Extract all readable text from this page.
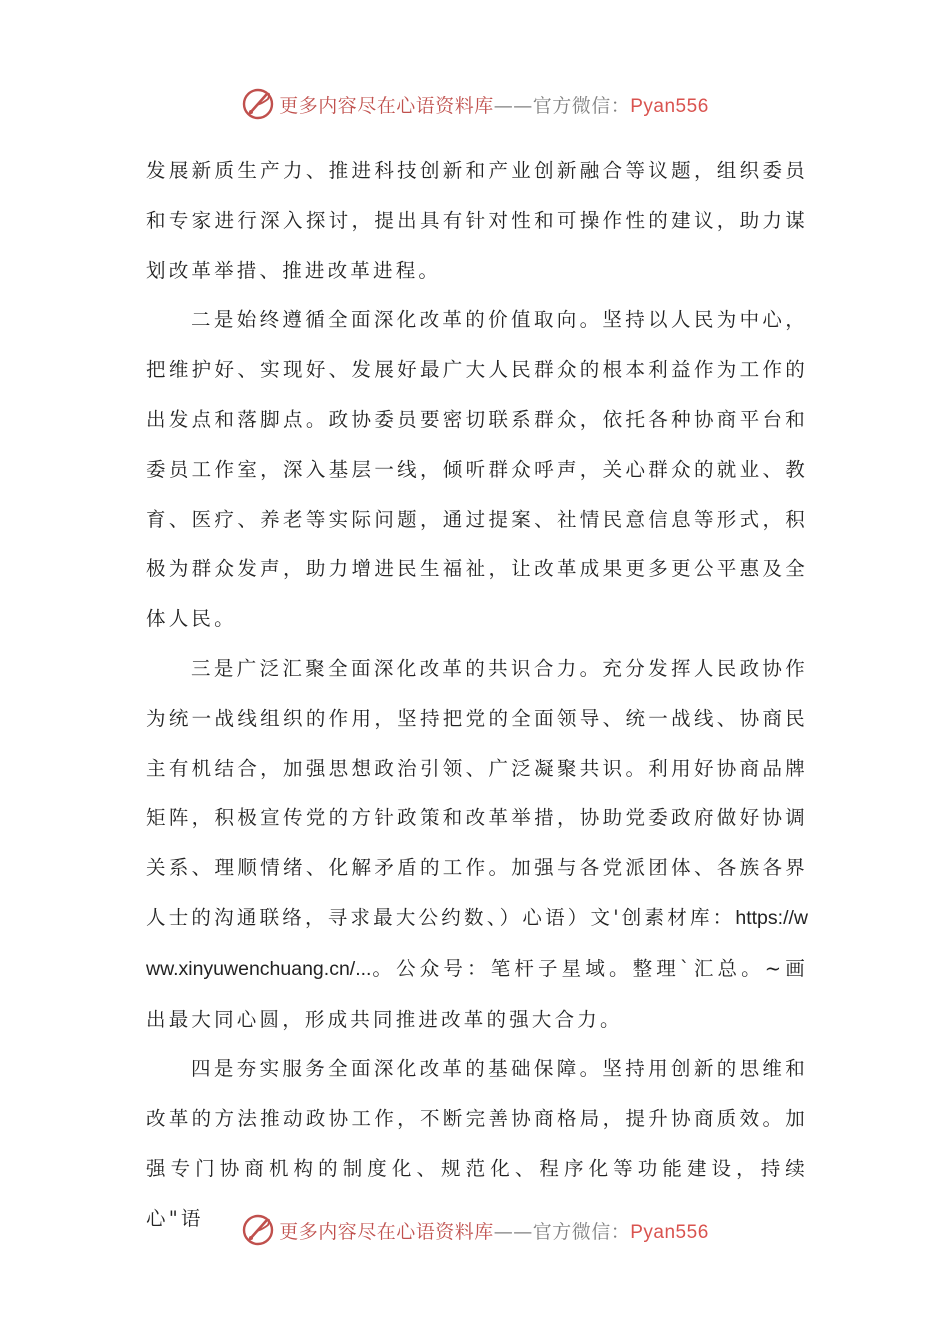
更多内容尽在心语资料库——官方微信：Pyan556

发展新质生产力、推进科技创新和产业创新融合等议题，组织委员和专家进行深入探讨，提出具有针对性和可操作性的建议，助力谋划改革举措、推进改革进程。

二是始终遵循全面深化改革的价值取向。坚持以人民为中心，把维护好、实现好、发展好最广大人民群众的根本利益作为工作的出发点和落脚点。政协委员要密切联系群众，依托各种协商平台和委员工作室，深入基层一线，倾听群众呼声，关心群众的就业、教育、医疗、养老等实际问题，通过提案、社情民意信息等形式，积极为群众发声，助力增进民生福祉，让改革成果更多更公平惠及全体人民。

三是广泛汇聚全面深化改革的共识合力。充分发挥人民政协作为统一战线组织的作用，坚持把党的全面领导、统一战线、协商民主有机结合，加强思想政治引领、广泛凝聚共识。利用好协商品牌矩阵，积极宣传党的方针政策和改革举措，协助党委政府做好协调关系、理顺情绪、化解矛盾的工作。加强与各党派团体、各族各界人士的沟通联络，寻求最大公约数、）心语）文'创素材库：https://www.xinyuwenchuang.cn/...。公众号：笔杆子星域。整理`汇总。~画出最大同心圆，形成共同推进改革的强大合力。

四是夯实服务全面深化改革的基础保障。坚持用创新的思维和改革的方法推动政协工作，不断完善协商格局，提升协商质效。加强专门协商机构的制度化、规范化、程序化等功能建设，持续心"语

更多内容尽在心语资料库——官方微信：Pyan556
